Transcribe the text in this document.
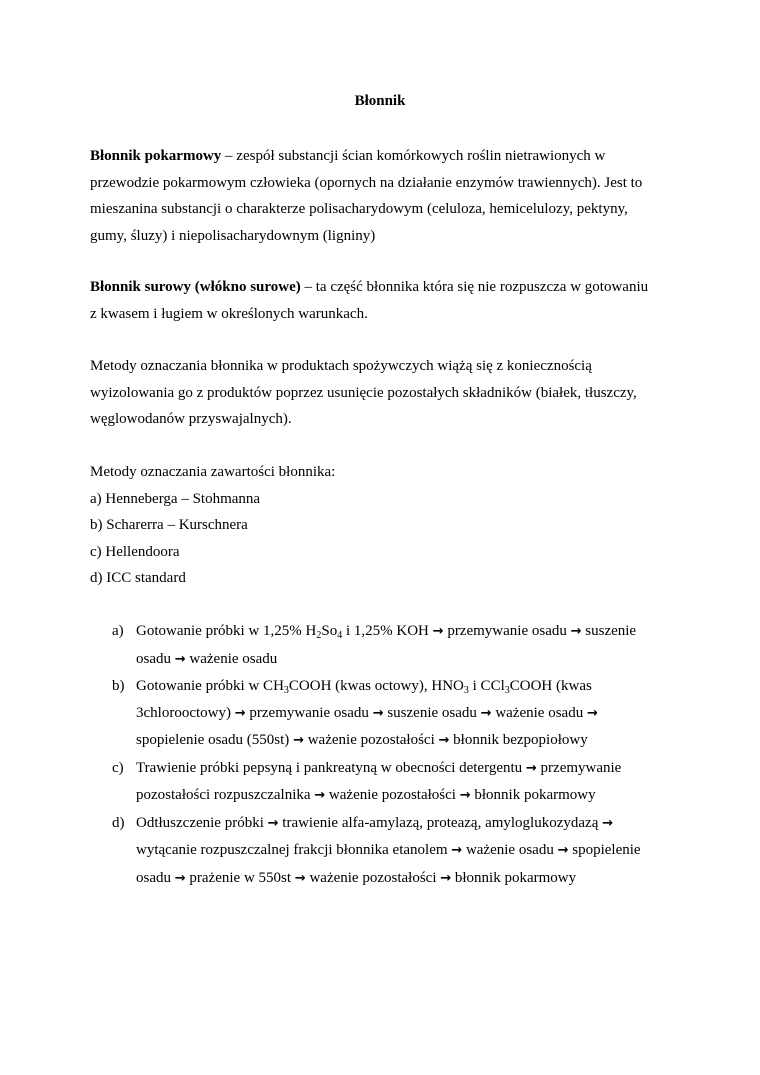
Błonnik
Błonnik pokarmowy – zespół substancji ścian komórkowych roślin nietrawionych w
przewodzie pokarmowym człowieka (opornych na działanie enzymów trawiennych). Jest to
mieszanina substancji o charakterze polisacharydowym (celuloza, hemicelulozy, pektyny,
gumy, śluzy) i niepolisacharydownym (ligniny)
Błonnik surowy (włókno surowe) – ta część błonnika która się nie rozpuszcza w gotowaniu
z kwasem i ługiem w określonych warunkach.
Metody oznaczania błonnika w produktach spożywczych wiążą się z koniecznością
wyizolowania go z produktów poprzez usunięcie pozostałych składników (białek, tłuszczy,
węglowodanów przyswajalnych).
Metody oznaczania zawartości błonnika:
a) Henneberga – Stohmanna
b) Scharerra – Kurschnera
c) Hellendoora
d) ICC standard
a) Gotowanie próbki w 1,25% $H_2So_4$ i 1,25% KOH → przemywanie osadu → suszenie
osadu → ważenie osadu
b) Gotowanie próbki w $CH_3COOH$ (kwas octowy), $HNO_3$ i CCl$_3$COOH (kwas
3chlorooctowy) → przemywanie osadu → suszenie osadu → ważenie osadu →
spopielenie osadu (550st) → ważenie pozostałości → błonnik bezpopiołowy
c) Trawienie próbki pepsyną i pankreatyną w obecności detergentu → przemywanie
pozostałości rozpuszczalnika → ważenie pozostałości → błonnik pokarmowy
d) Odtłuszczenie próbki → trawienie alfa-amylazą, proteazą, amyloglukozydazą →
wytącanie rozpuszczalnej frakcji błonnika etanolem → ważenie osadu → spopielenie
osadu → prażenie w 550st → ważenie pozostałości → błonnik pokarmowy
